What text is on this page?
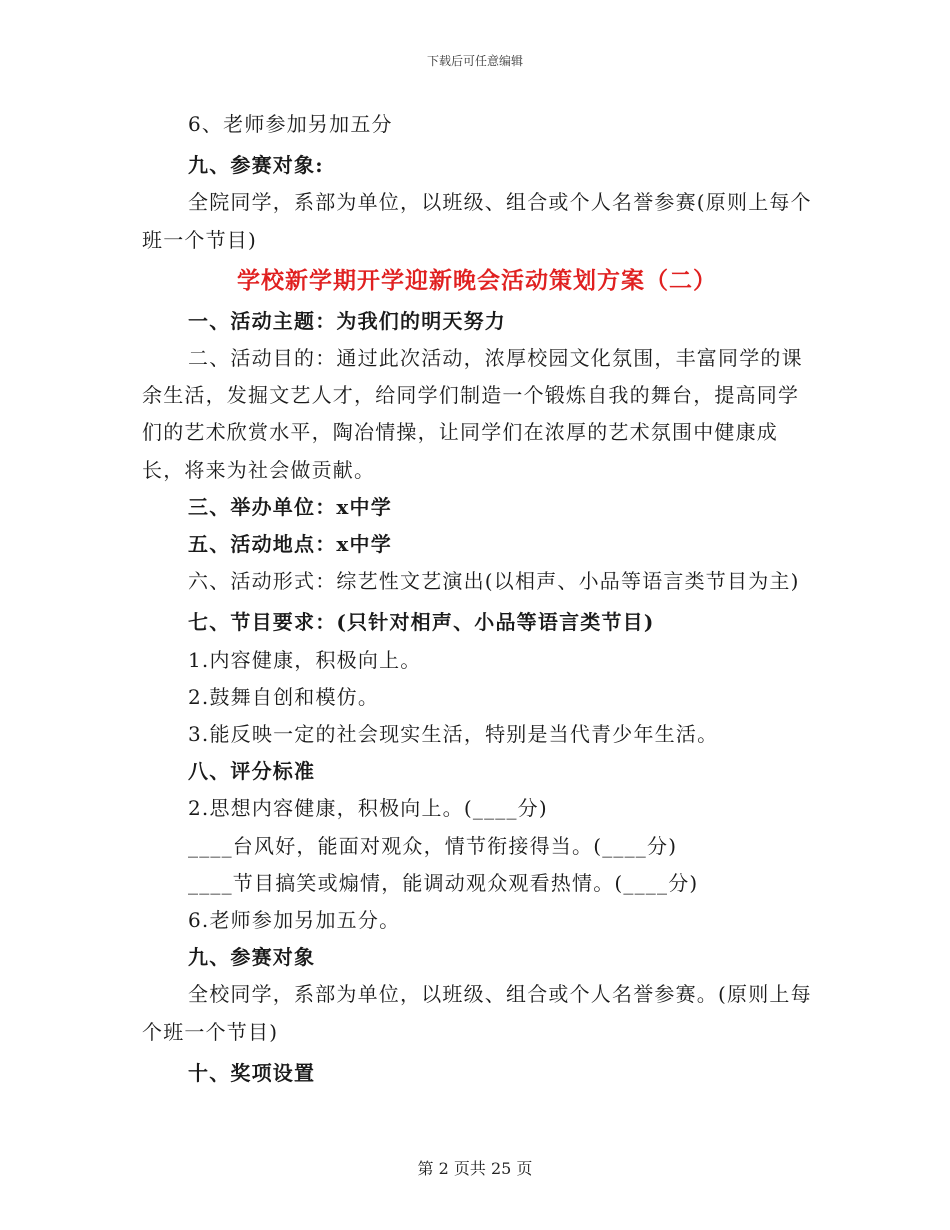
下载后可任意编辑

6、老师参加另加五分

九、参赛对象:

全院同学，系部为单位，以班级、组合或个人名誉参赛(原则上每个班一个节目)

学校新学期开学迎新晚会活动策划方案（二）

一、活动主题：为我们的明天努力

二、活动目的：通过此次活动，浓厚校园文化氛围，丰富同学的课余生活，发掘文艺人才，给同学们制造一个锻炼自我的舞台，提高同学们的艺术欣赏水平，陶冶情操，让同学们在浓厚的艺术氛围中健康成长，将来为社会做贡献。

三、举办单位：x中学

五、活动地点：x中学

六、活动形式：综艺性文艺演出(以相声、小品等语言类节目为主)

七、节目要求：(只针对相声、小品等语言类节目)

1.内容健康，积极向上。

2.鼓舞自创和模仿。

3.能反映一定的社会现实生活，特别是当代青少年生活。

八、评分标准

2.思想内容健康，积极向上。(____分)

____台风好，能面对观众，情节衔接得当。(____分)

____节目搞笑或煽情，能调动观众观看热情。(____分)

6.老师参加另加五分。

九、参赛对象

全校同学，系部为单位，以班级、组合或个人名誉参赛。(原则上每个班一个节目)

十、奖项设置

第 2 页共 25 页
